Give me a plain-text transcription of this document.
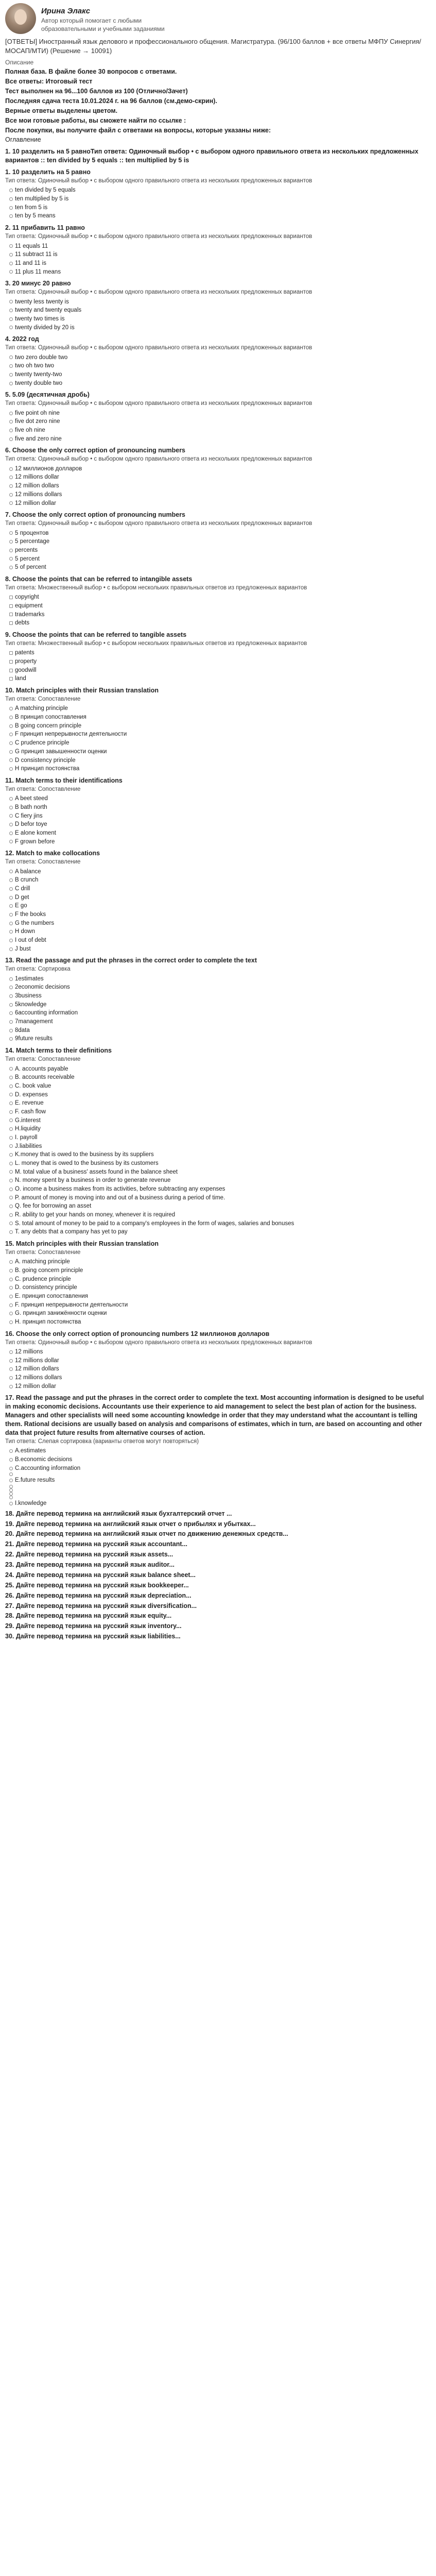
Ирина Элакс
Автор который помогает с любыми образовательными и учебными заданиями
[ОТВЕТЫ] Иностранный язык делового и профессионального общения. Магистратура. (96/100 баллов + все ответы МФПУ Синергия/МОСАП/МТИ) (Решение → 10091)
Описание

Полная база. В файле более 30 вопросов с ответами.

Все ответы: Итоговый тест

Тест выполнен на 96...100 баллов из 100 (Отлично/Зачет)

Последняя сдача теста 10.01.2024 г. на 96 баллов (см.демо-скрин).

Верные ответы выделены цветом.

Все мои готовые работы, вы сможете найти по ссылке :

После покупки, вы получите файл с ответами на вопросы, которые указаны ниже:

Оглавление

1. 10 разделить на 5 равноТип ответа: Одиночный выбор • с выбором одного правильного ответа из нескольких предложенных вариантов :: ten divided by 5 equals :: ten multiplied by 5 is
1. 10 разделить на 5 равно
Тип ответа: Одиночный выбор • с выбором одного правильного ответа из нескольких предложенных вариантов
ten divided by 5 equals
ten multiplied by 5 is
ten from 5 is
ten by 5 means
2. 11 прибавить 11 равно
Тип ответа: Одиночный выбор • с выбором одного правильного ответа из нескольких предложенных вариантов
11 equals 11
11 subtract 11 is
11 and 11 is
11 plus 11 means
3. 20 минус 20 равно
Тип ответа: Одиночный выбор • с выбором одного правильного ответа из нескольких предложенных вариантов
twenty less twenty is
twenty and twenty equals
twenty two times is
twenty divided by 20 is
4. 2022 год
Тип ответа: Одиночный выбор • с выбором одного правильного ответа из нескольких предложенных вариантов
two zero double two
two oh two two
twenty twenty-two
twenty double two
5. 5.09 (десятичная дробь)
Тип ответа: Одиночный выбор • с выбором одного правильного ответа из нескольких предложенных вариантов
five point oh nine
five dot zero nine
five oh nine
five and zero nine
6. Choose the only correct option of pronouncing numbers
Тип ответа: Одиночный выбор • с выбором одного правильного ответа из нескольких предложенных вариантов
12 миллионов долларов
12 millions dollar
12 million dollars
12 millions dollars
12 million dollar
7. Choose the only correct option of pronouncing numbers
Тип ответа: Одиночный выбор • с выбором одного правильного ответа из нескольких предложенных вариантов
5 процентов
5 percentage
percents
5 percent
5 of percent
8. Choose the points that can be referred to intangible assets
Тип ответа: Множественный выбор • с выбором нескольких правильных ответов из предложенных вариантов
copyright
equipment
trademarks
debts
9. Choose the points that can be referred to tangible assets
Тип ответа: Множественный выбор • с выбором нескольких правильных ответов из предложенных вариантов
patents
property
goodwill
land
10. Match principles with their Russian translation
Тип ответа: Сопоставление
A matching principle
B принцип сопоставления
B going concern principle
F принцип непрерывности деятельности
C prudence principle
G принцип завышенности оценки
D consistency principle
H принцип постоянства
11. Match terms to their identifications
Тип ответа: Сопоставление
A beet steed
B bath north
C fiery jins
D befor toye
E alone koment
F grown before
12. Match to make collocations
Тип ответа: Сопоставление
A balance
B crunch
C drill
D get
E go
F the books
G the numbers
H down
I out of debt
J bust
13. Read the passage and put the phrases in the correct order to complete the text
Тип ответа: Сортировка
1estimates
2economic decisions
3business
5knowledge
6accounting information
7management
8data
9future results
14. Match terms to their definitions
Тип ответа: Сопоставление
A. accounts payable
B. accounts receivable
C. book value
D. expenses
E. revenue
F. cash flow
G.interest
H.liquidity
I. payroll
J.liabilities
K.money that is owed to the business by its suppliers
L. money that is owed to the business by its customers
M. total value of a business' assets found in the balance sheet
N. money spent by a business in order to generate revenue
O. income a business makes from its activities, before subtracting any expenses
P. amount of money is moving into and out of a business during a period of time.
Q. fee for borrowing an asset
R. ability to get your hands on money, whenever it is required
S. total amount of money to be paid to a company's employees in the form of wages, salaries and bonuses
T. any debts that a company has yet to pay
15. Match principles with their Russian translation
Тип ответа: Сопоставление
A. matching principle
B. going concern principle
C. prudence principle
D. consistency principle
E. принцип сопоставления
F. принцип непрерывности деятельности
G. принцип занижённости оценки
H. принцип постоянства
16. Choose the only correct option of pronouncing numbers 12 миллионов долларов
Тип ответа: Одиночный выбор • с выбором одного правильного ответа из нескольких предложенных вариантов
12 millions
12 millions dollar
12 million dollars
12 millions dollars
12 million dollar
17. Read the passage and put the phrases in the correct order to complete the text. Most accounting information is designed to be useful in making economic decisions. Accountants use their experience to aid management to select the best plan of action for the business. Managers and other specialists will need some accounting knowledge in order that they may understand what the accountant is telling them. Rational decisions are usually based on analysis and comparisons of estimates, which in turn, are based on accounting and other data that project future results from alternative courses of action.
Тип ответа: Слепая сортировка (варианты ответов могут повторяться)
A.estimates
B.economic decisions
C.accounting information
E.future results
I.knowledge
18. Дайте перевод термина на английский язык бухгалтерский отчет ...
19. Дайте перевод термина на английский язык отчет о прибылях и убытках...
20. Дайте перевод термина на английский язык отчет по движению денежных средств...
21. Дайте перевод термина на русский язык accountant...
22. Дайте перевод термина на русский язык assets...
23. Дайте перевод термина на русский язык auditor...
24. Дайте перевод термина на русский язык balance sheet...
25. Дайте перевод термина на русский язык bookkeeper...
26. Дайте перевод термина на русский язык depreciation...
27. Дайте перевод термина на русский язык diversification...
28. Дайте перевод термина на русский язык equity...
29. Дайте перевод термина на русский язык inventory...
30. Дайте перевод термина на русский язык liabilities...
